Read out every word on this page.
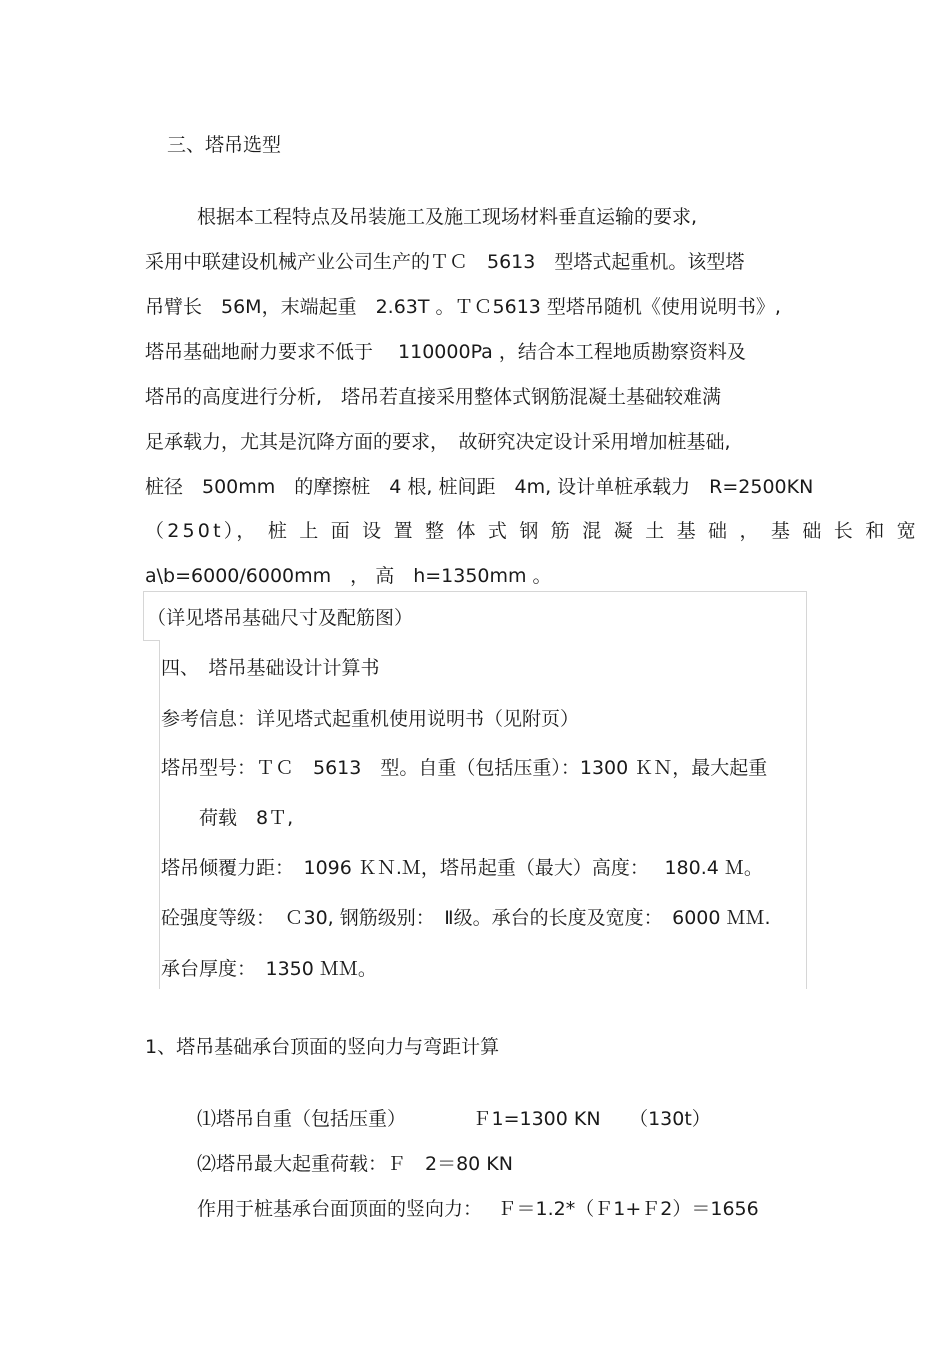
三、塔吊选型
根据本工程特点及吊装施工及施工现场材料垂直运输的要求,
采用中联建设机械产业公司生产的ＴＣ　5613　型塔式起重机。该型塔
吊臂长　56M，末端起重　2.63T 。ＴＣ5613 型塔吊随机《使用说明书》,
塔吊基础地耐力要求不低于　 110000Pa ，结合本工程地质勘察资料及
塔吊的高度进行分析,　塔吊若直接采用整体式钢筋混凝土基础较难满
足承载力，尤其是沉降方面的要求，　故研究决定设计采用增加桩基础,
桩径　500mm　的摩擦桩　4 根, 桩间距　4m, 设计单桩承载力　R=2500KN
（250t）， 桩 上 面 设 置 整 体 式 钢 筋 混 凝 土 基 础 ， 基 础 长 和 宽
a\b=6000/6000mm　， 高　h=1350mm 。
（详见塔吊基础尺寸及配筋图）
四、　塔吊基础设计计算书
参考信息：详见塔式起重机使用说明书（见附页）
塔吊型号：ＴＣ　5613　型。自重（包括压重）：1300 ＫＮ，最大起重
荷载　8Ｔ,
塔吊倾覆力距：　1096 ＫＮ.Ｍ，塔吊起重（最大）高度：　 180.4 Ｍ。
砼强度等级：　Ｃ30, 钢筋级别：　Ⅱ级。承台的长度及宽度：　6000 ＭＭ.
承台厚度：　1350 ＭＭ。
1、塔吊基础承台顶面的竖向力与弯距计算
⑴塔吊自重（包括压重）　　　　Ｆ1=1300 KN　　（130t）
⑵塔吊最大起重荷载：Ｆ　2＝80 KN
作用于桩基承台面顶面的竖向力：　 Ｆ＝1.2*（Ｆ1+Ｆ2）＝1656
